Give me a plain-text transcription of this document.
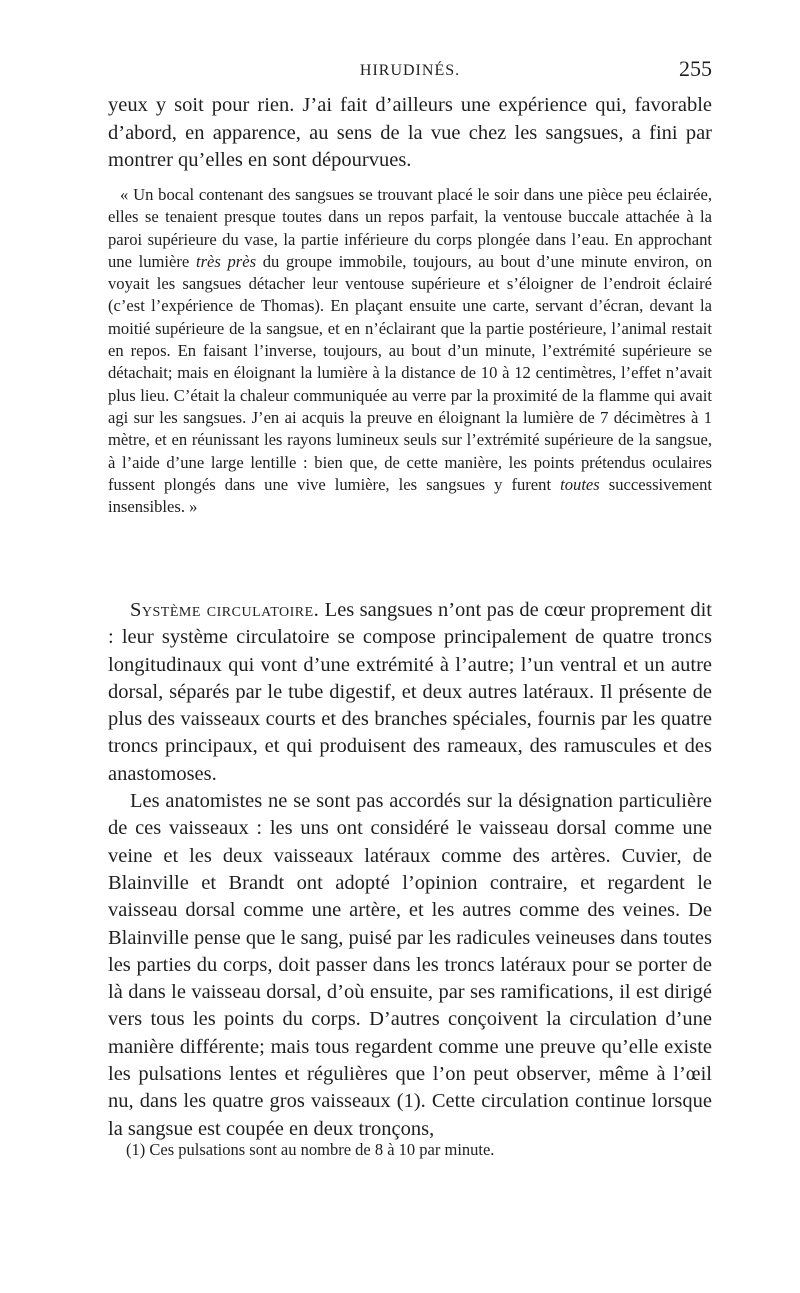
HIRUDINÉS.	255
yeux y soit pour rien. J’ai fait d’ailleurs une expérience qui, favorable d’abord, en apparence, au sens de la vue chez les sangsues, a fini par montrer qu’elles en sont dépourvues.

« Un bocal contenant des sangsues se trouvant placé le soir dans une pièce peu éclairée, elles se tenaient presque toutes dans un repos parfait, la ventouse buccale attachée à la paroi supérieure du vase, la partie inférieure du corps plongée dans l’eau. En approchant une lumière très près du groupe immobile, toujours, au bout d’une minute environ, on voyait les sangsues détacher leur ventouse supérieure et s’éloigner de l’endroit éclairé (c’est l’expérience de Thomas). En plaçant ensuite une carte, servant d’écran, devant la moitié supérieure de la sangsue, et en n’éclairant que la partie postérieure, l’animal restait en repos. En faisant l’inverse, toujours, au bout d’un minute, l’extrémité supérieure se détachait; mais en éloignant la lumière à la distance de 10 à 12 centimètres, l’effet n’avait plus lieu. C’était la chaleur communiquée au verre par la proximité de la flamme qui avait agi sur les sangsues. J’en ai acquis la preuve en éloignant la lumière de 7 décimètres à 1 mètre, et en réunissant les rayons lumineux seuls sur l’extrémité supérieure de la sangsue, à l’aide d’une large lentille : bien que, de cette manière, les points prétendus oculaires fussent plongés dans une vive lumière, les sangsues y furent toutes successivement insensibles. »

Système circulatoire. Les sangsues n’ont pas de cœur proprement dit : leur système circulatoire se compose principalement de quatre troncs longitudinaux qui vont d’une extrémité à l’autre; l’un ventral et un autre dorsal, séparés par le tube digestif, et deux autres latéraux. Il présente de plus des vaisseaux courts et des branches spéciales, fournis par les quatre troncs principaux, et qui produisent des rameaux, des ramuscules et des anastomoses.

Les anatomistes ne se sont pas accordés sur la désignation particulière de ces vaisseaux : les uns ont considéré le vaisseau dorsal comme une veine et les deux vaisseaux latéraux comme des artères. Cuvier, de Blainville et Brandt ont adopté l’opinion contraire, et regardent le vaisseau dorsal comme une artère, et les autres comme des veines. De Blainville pense que le sang, puisé par les radicules veineuses dans toutes les parties du corps, doit passer dans les troncs latéraux pour se porter de là dans le vaisseau dorsal, d’où ensuite, par ses ramifications, il est dirigé vers tous les points du corps. D’autres conçoivent la circulation d’une manière différente; mais tous regardent comme une preuve qu’elle existe les pulsations lentes et régulières que l’on peut observer, même à l’œil nu, dans les quatre gros vaisseaux (1). Cette circulation continue lorsque la sangsue est coupée en deux tronçons,

(1) Ces pulsations sont au nombre de 8 à 10 par minute.
